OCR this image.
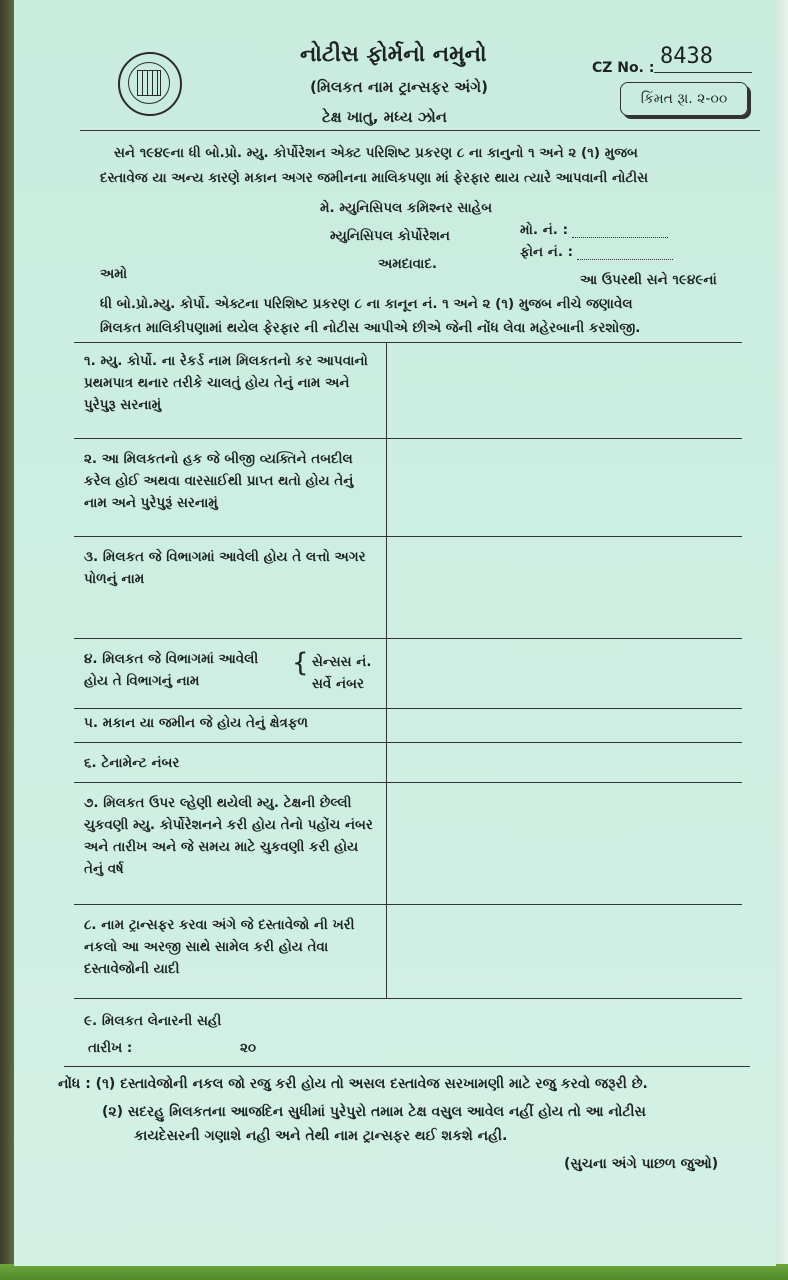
નોટીસ ફોર્મનો નમુનો
(મિલકત નામ ટ્રાન્સફર અંગે)
ટેક્ષ ખાતુ, મધ્ય ઝોન
CZ No. : 8438
કિંમત રૂા. ૨-૦૦
સને ૧૯૪૯ના ધી બો.પ્રો. મ્યુ. કોર્પોરેશન એક્ટ પરિશિષ્ટ પ્રકરણ ૮ ના કાનુનો ૧ અને ૨ (૧) મુજબ
દસ્તાવેજ યા અન્ય કારણે મકાન અગર જમીનના માલિકપણા માં ફેરફાર થાય ત્યારે આપવાની નોટીસ
મે. મ્યુનિસિપલ કમિશ્નર સાહેબ
મ્યુનિસિપલ કોર્પોરેશન
અમદાવાદ.
મો. નં. :
ફોન નં. :
અમો	આ ઉપરથી સને ૧૯૪૯નાં
ધી બો.પ્રો.મ્યુ. કોર્પો. એક્ટના પરિશિષ્ટ પ્રકરણ ૮ ના કાનૂન નં. ૧ અને ૨ (૧) મુજબ નીચે જણાવેલ
મિલકત માલિકીપણામાં થયેલ ફેરફાર ની નોટીસ આપીએ છીએ જેની નોંધ લેવા મહેરબાની કરશોજી.
૧. મ્યુ. કોર્પો. ના રેકર્ડ નામ મિલકતનો કર આપવાનો પ્રથમપાત્ર થનાર તરીકે ચાલતું હોય તેનું નામ અને પુરેપુરૂ સરનામું
૨. આ મિલકતનો હક જે બીજી વ્યક્તિને તબદીલ કરેલ હોઈ અથવા વારસાઈથી પ્રાપ્ત થતો હોય તેનું નામ અને પુરેપુરૂં સરનામું
૩. મિલકત જે વિભાગમાં આવેલી હોય તે લત્તો અગર પોળનું નામ
૪. મિલકત જે વિભાગમાં આવેલી હોય તે વિભાગનું નામ
{ સેન્સસ નં.
સર્વે નંબર
૫. મકાન યા જમીન જે હોય તેનું ક્ષેત્રફળ
૬. ટેનામેન્ટ નંબર
૭. મિલકત ઉપર લ્હેણી થયેલી મ્યુ. ટેક્ષની છેલ્લી ચુકવણી મ્યુ. કોર્પોરેશનને કરી હોય તેનો પહોંચ નંબર અને તારીખ અને જે સમય માટે ચુકવણી કરી હોય તેનું વર્ષ
૮. નામ ટ્રાન્સફર કરવા અંગે જે દસ્તાવેજો ની ખરી નકલો આ અરજી સાથે સામેલ કરી હોય તેવા દસ્તાવેજોની યાદી
૯. મિલકત લેનારની સહી
તારીખ :	૨૦
નોંધ : (૧) દસ્તાવેજોની નકલ જો રજુ કરી હોય તો અસલ દસ્તાવેજ સરખામણી માટે રજુ કરવો જરૂરી છે.
(૨) સદરહુ મિલકતના આજદિન સુધીમાં પુરેપુરો તમામ ટેક્ષ વસુલ આવેલ નહીં હોય તો આ નોટીસ
કાયદેસરની ગણાશે નહી અને તેથી નામ ટ્રાન્સફર થઈ શકશે નહી.
(સુચના અંગે પાછળ જુઓ)
